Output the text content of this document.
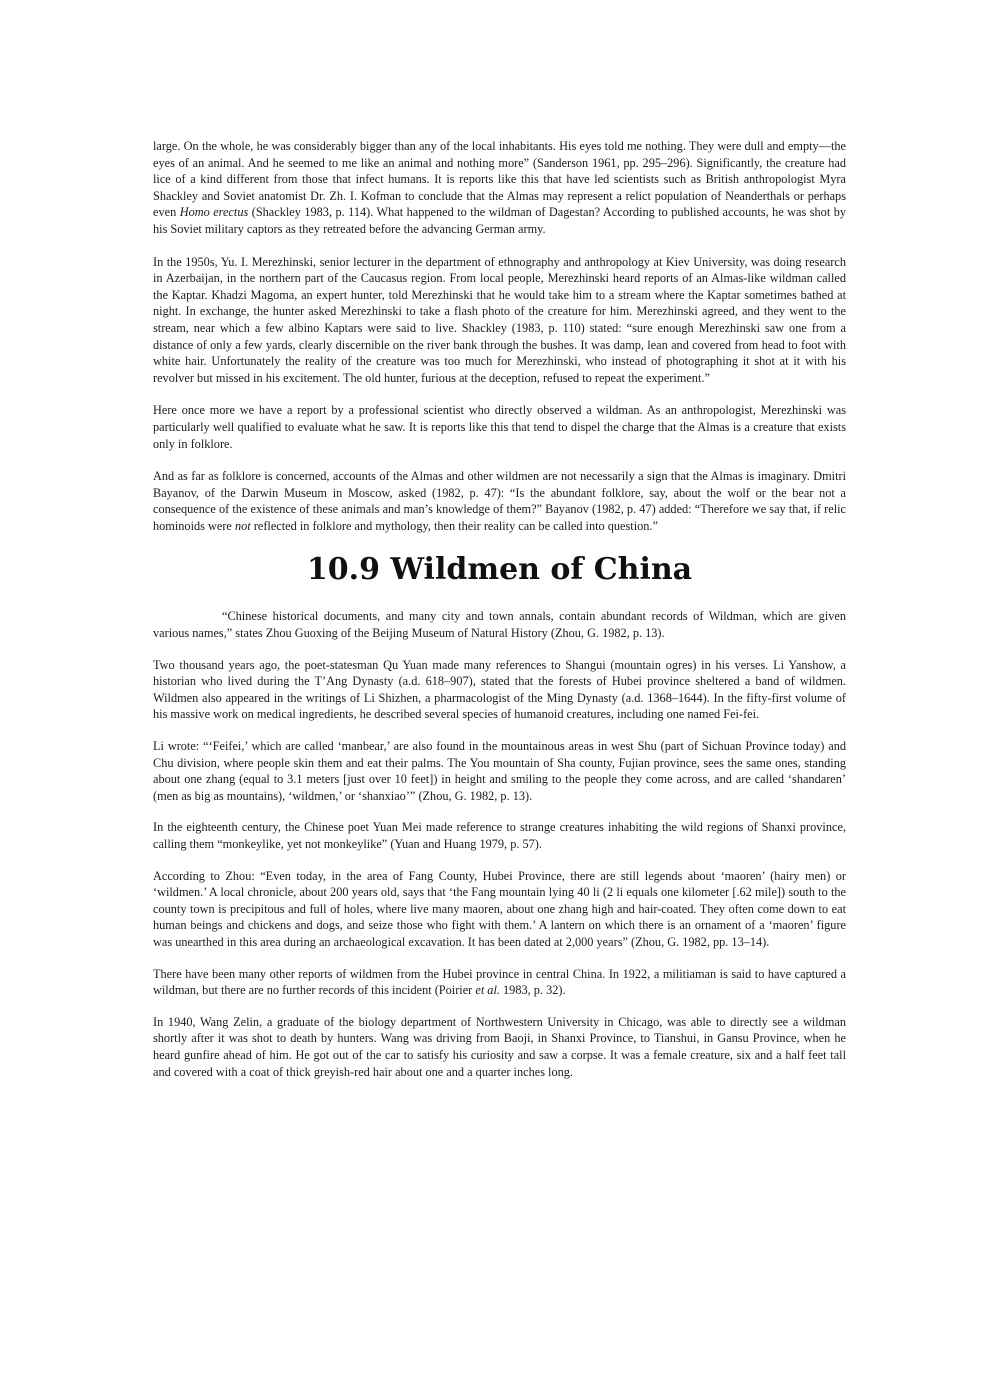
large. On the whole, he was considerably bigger than any of the local inhabitants. His eyes told me nothing. They were dull and empty—the eyes of an animal. And he seemed to me like an animal and nothing more” (Sanderson 1961, pp. 295–296). Significantly, the creature had lice of a kind different from those that infect humans. It is reports like this that have led scientists such as British anthropologist Myra Shackley and Soviet anatomist Dr. Zh. I. Kofman to conclude that the Almas may represent a relict population of Neanderthals or perhaps even Homo erectus (Shackley 1983, p. 114). What happened to the wildman of Dagestan? According to published accounts, he was shot by his Soviet military captors as they retreated before the advancing German army.

In the 1950s, Yu. I. Merezhinski, senior lecturer in the department of ethnography and anthropology at Kiev University, was doing research in Azerbaijan, in the northern part of the Caucasus region. From local people, Merezhinski heard reports of an Almas-like wildman called the Kaptar. Khadzi Magoma, an expert hunter, told Merezhinski that he would take him to a stream where the Kaptar sometimes bathed at night. In exchange, the hunter asked Merezhinski to take a flash photo of the creature for him. Merezhinski agreed, and they went to the stream, near which a few albino Kaptars were said to live. Shackley (1983, p. 110) stated: “sure enough Merezhinski saw one from a distance of only a few yards, clearly discernible on the river bank through the bushes. It was damp, lean and covered from head to foot with white hair. Unfortunately the reality of the creature was too much for Merezhinski, who instead of photographing it shot at it with his revolver but missed in his excitement. The old hunter, furious at the deception, refused to repeat the experiment.”

Here once more we have a report by a professional scientist who directly observed a wildman. As an anthropologist, Merezhinski was particularly well qualified to evaluate what he saw. It is reports like this that tend to dispel the charge that the Almas is a creature that exists only in folklore.

And as far as folklore is concerned, accounts of the Almas and other wildmen are not necessarily a sign that the Almas is imaginary. Dmitri Bayanov, of the Darwin Museum in Moscow, asked (1982, p. 47): “Is the abundant folklore, say, about the wolf or the bear not a consequence of the existence of these animals and man’s knowledge of them?” Bayanov (1982, p. 47) added: “Therefore we say that, if relic hominoids were not reflected in folklore and mythology, then their reality can be called into question.”

10.9 Wildmen of China

“Chinese historical documents, and many city and town annals, contain abundant records of Wildman, which are given various names,” states Zhou Guoxing of the Beijing Museum of Natural History (Zhou, G. 1982, p. 13).

Two thousand years ago, the poet-statesman Qu Yuan made many references to Shangui (mountain ogres) in his verses. Li Yanshow, a historian who lived during the T’Ang Dynasty (a.d. 618–907), stated that the forests of Hubei province sheltered a band of wildmen. Wildmen also appeared in the writings of Li Shizhen, a pharmacologist of the Ming Dynasty (a.d. 1368–1644). In the fifty-first volume of his massive work on medical ingredients, he described several species of humanoid creatures, including one named Fei-fei.

Li wrote: “‘Feifei,’ which are called ‘manbear,’ are also found in the mountainous areas in west Shu (part of Sichuan Province today) and Chu division, where people skin them and eat their palms. The You mountain of Sha county, Fujian province, sees the same ones, standing about one zhang (equal to 3.1 meters [just over 10 feet]) in height and smiling to the people they come across, and are called ‘shandaren’ (men as big as mountains), ‘wildmen,’ or ‘shanxiao’” (Zhou, G. 1982, p. 13).

In the eighteenth century, the Chinese poet Yuan Mei made reference to strange creatures inhabiting the wild regions of Shanxi province, calling them “monkeylike, yet not monkeylike” (Yuan and Huang 1979, p. 57).

According to Zhou: “Even today, in the area of Fang County, Hubei Province, there are still legends about ‘maoren’ (hairy men) or ‘wildmen.’ A local chronicle, about 200 years old, says that ‘the Fang mountain lying 40 li (2 li equals one kilometer [.62 mile]) south to the county town is precipitous and full of holes, where live many maoren, about one zhang high and hair-coated. They often come down to eat human beings and chickens and dogs, and seize those who fight with them.’ A lantern on which there is an ornament of a ‘maoren’ figure was unearthed in this area during an archaeological excavation. It has been dated at 2,000 years” (Zhou, G. 1982, pp. 13–14).

There have been many other reports of wildmen from the Hubei province in central China. In 1922, a militiaman is said to have captured a wildman, but there are no further records of this incident (Poirier et al. 1983, p. 32).

In 1940, Wang Zelin, a graduate of the biology department of Northwestern University in Chicago, was able to directly see a wildman shortly after it was shot to death by hunters. Wang was driving from Baoji, in Shanxi Province, to Tianshui, in Gansu Province, when he heard gunfire ahead of him. He got out of the car to satisfy his curiosity and saw a corpse. It was a female creature, six and a half feet tall and covered with a coat of thick greyish-red hair about one and a quarter inches long.
